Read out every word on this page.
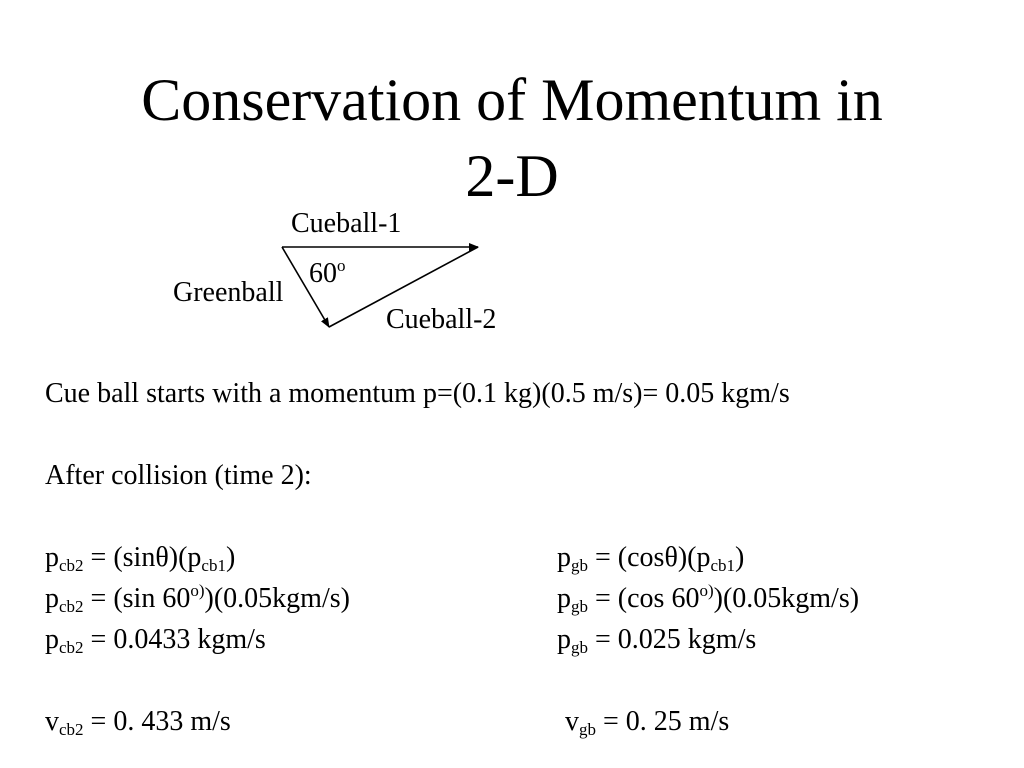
Conservation of Momentum in
2-D
Cueball-1
Greenball
60$^o$
Cueball-2
Cue ball starts with a momentum p=(0.1 kg)(0.5 m/s)= 0.05 kgm/s
After collision (time 2):
$p_{cb2} = (\sin\theta)(p_{cb1})$
$p_{cb2} = (\sin$ 60$^{o)}$)(0.05kgm/s)
$p_{cb2} = 0.0433$ kgm/s
$v_{cb2} = 0$. 433 m/s
$p_{gb} = (\cos\theta)(p_{cb1})$
$p_{gb} = (\cos$ 60$^{o)}$)(0.05kgm/s)
$p_{gb} = 0.025$ kgm/s
$v_{gb} = 0$. 25 m/s
